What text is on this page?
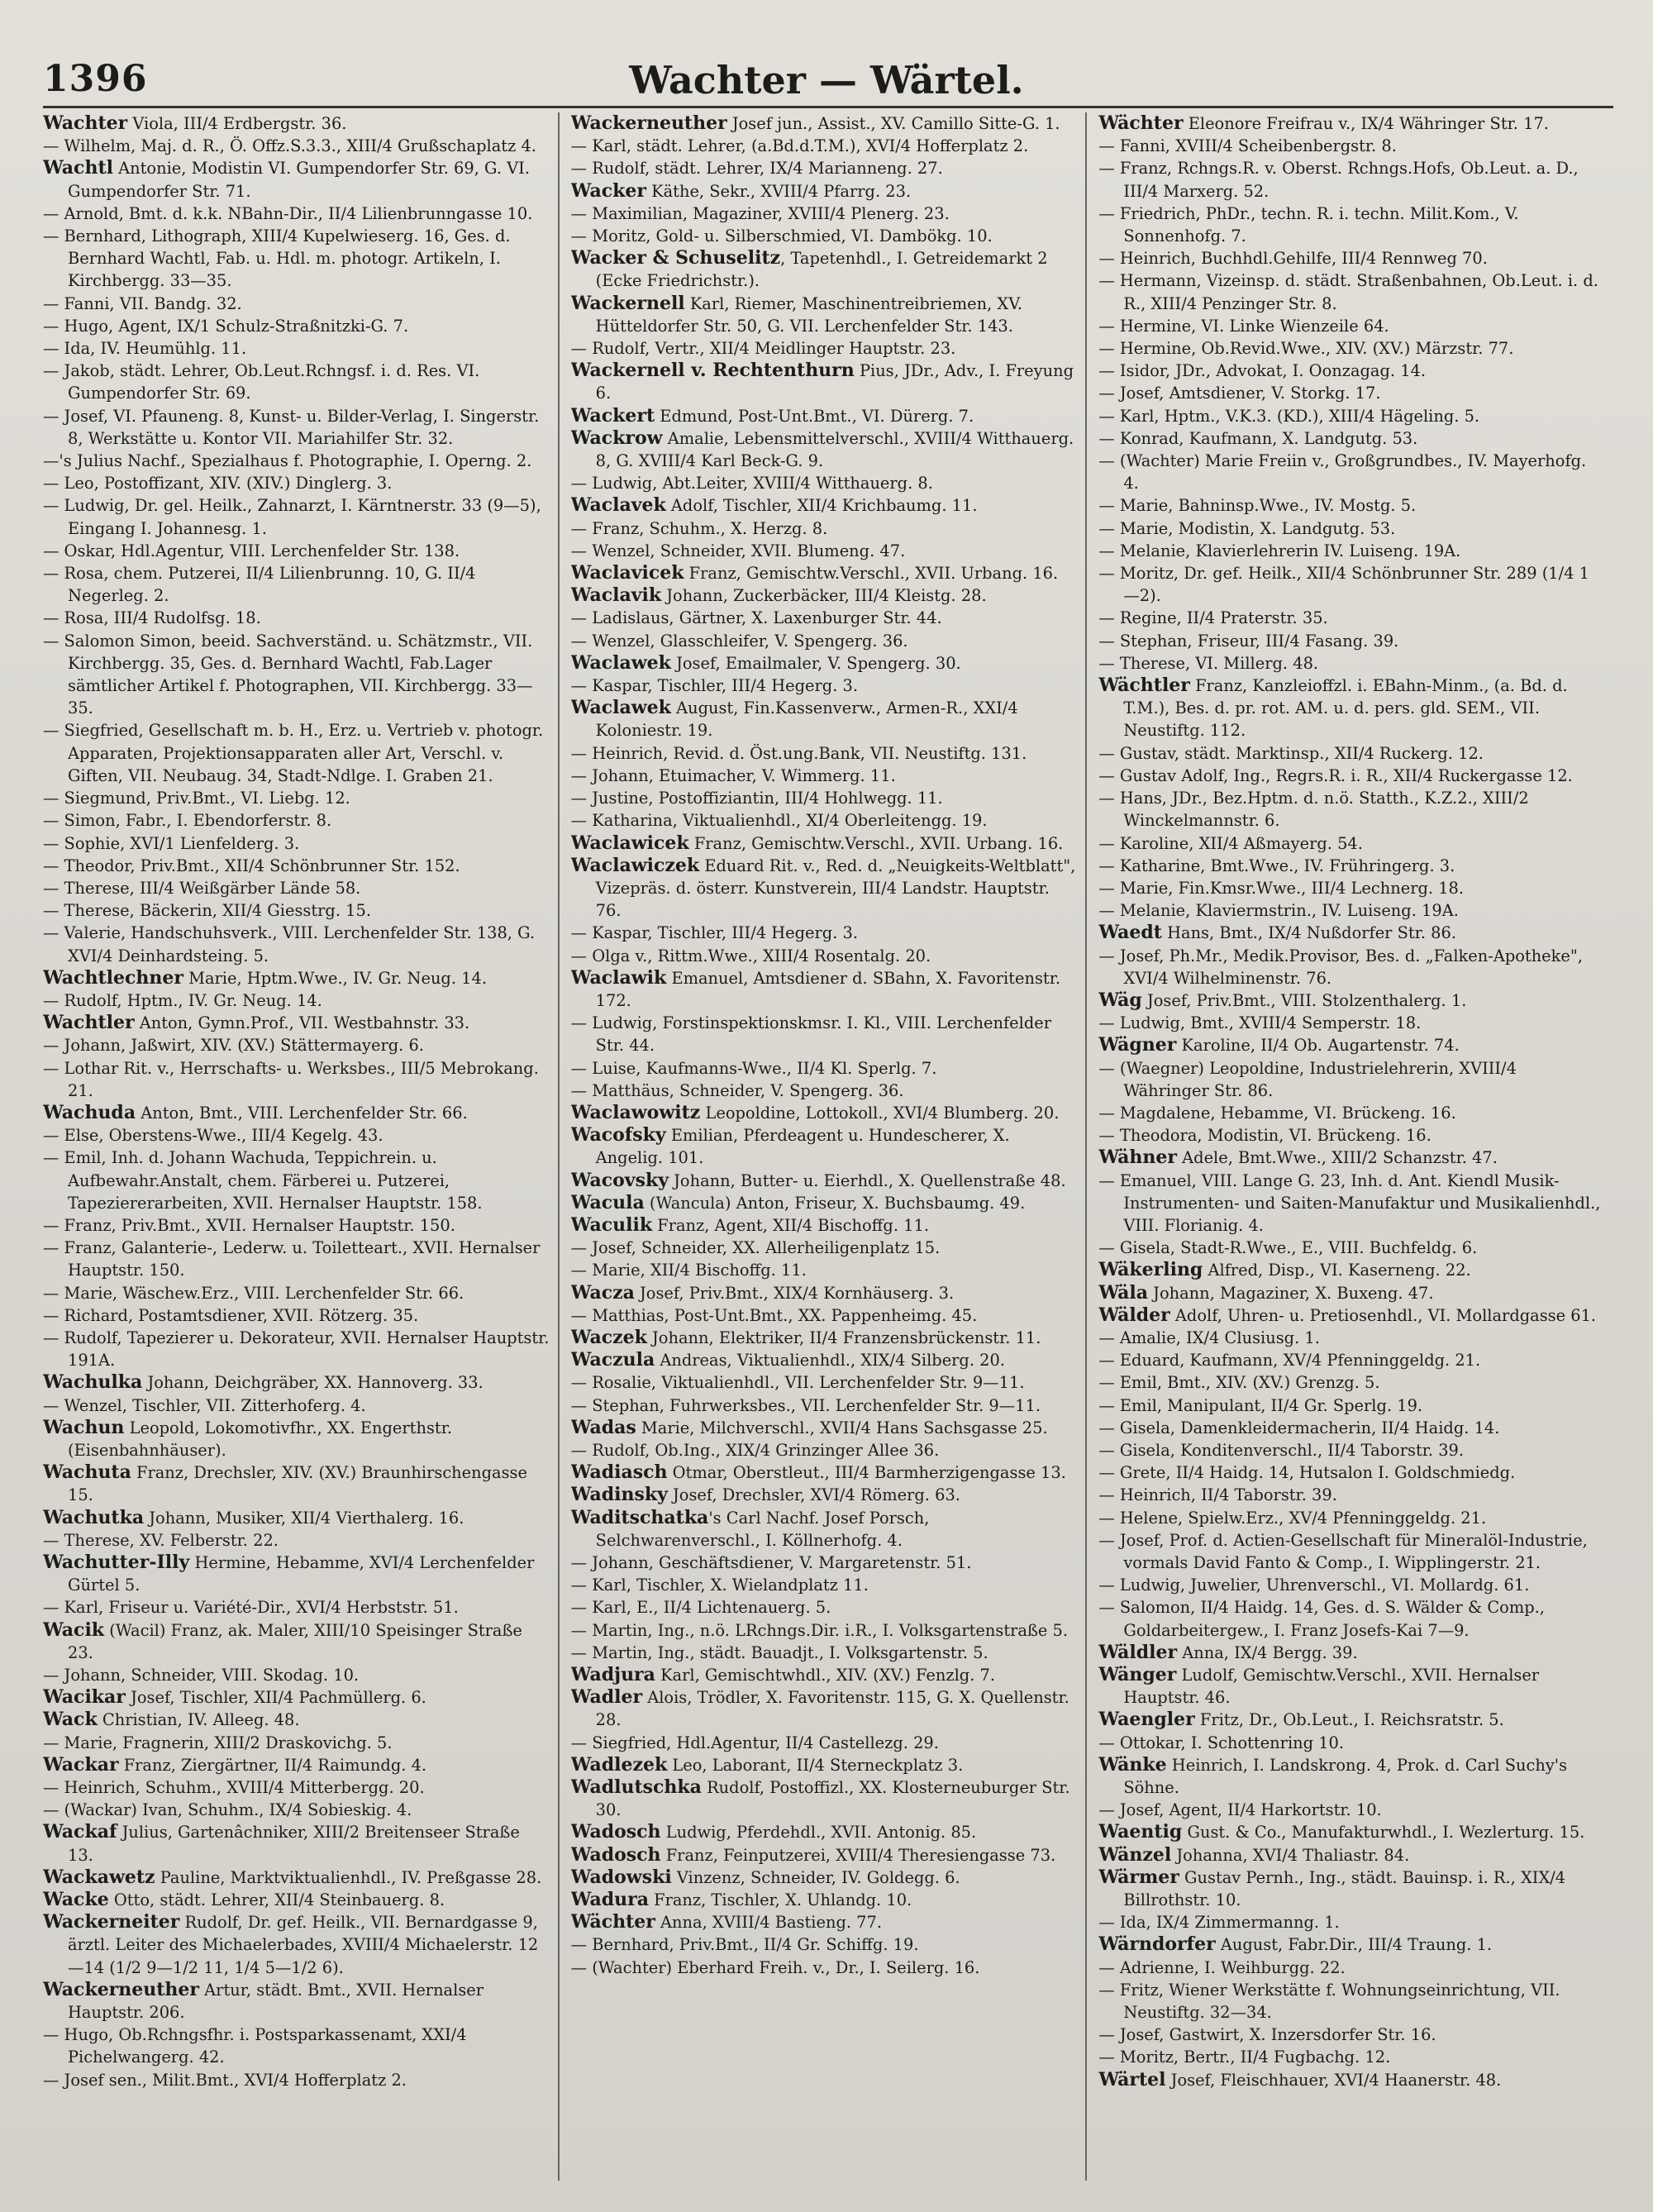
1396	Wachter — Wärtel.
Wachter Viola, III/4 Erdbergstr. 36.
— Wilhelm, Maj. d. R., Ö. Offz.S.3.3., XIII/4 Grußschaplatz 4.
Wachtl Antonie, Modistin VI. Gumpendorfer Str. 69, G. VI. Gumpendorfer Str. 71.
— Arnold, Bmt. d. k.k. NBahn-Dir., II/4 Lilienbrunngasse 10.
— Bernhard, Lithograph, XIII/4 Kupelwieserg. 16, Ges. d. Bernhard Wachtl, Fab. u. Hdl. m. photogr. Artikeln, I. Kirchbergg. 33—35.
— Fanni, VII. Bandg. 32.
— Hugo, Agent, IX/1 Schulz-Straßnitzki-G. 7.
— Ida, IV. Heumühlg. 11.
— Jakob, städt. Lehrer, Ob.Leut.Rchngsf. i. d. Res. VI. Gumpendorfer Str. 69.
— Josef, VI. Pfauneng. 8, Kunst- u. Bilder-Verlag, I. Singerstr. 8, Werkstätte u. Kontor VII. Mariahilfer Str. 32.
—'s Julius Nachf., Spezialhaus f. Photographie, I. Operng. 2.
— Leo, Postoffizant, XIV. (XIV.) Dinglerg. 3.
— Ludwig, Dr. gel. Heilk., Zahnarzt, I. Kärntnerstr. 33 (9—5), Eingang I. Johannesg. 1.
— Oskar, Hdl.Agentur, VIII. Lerchenfelder Str. 138.
— Rosa, chem. Putzerei, II/4 Lilienbrunng. 10, G. II/4 Negerleg. 2.
— Rosa, III/4 Rudolfsg. 18.
— Salomon Simon, beeid. Sachverständ. u. Schätzmstr., VII. Kirchbergg. 35, Ges. d. Bernhard Wachtl, Fab.Lager sämtlicher Artikel f. Photographen, VII. Kirchbergg. 33—35.
— Siegfried, Gesellschaft m. b. H., Erz. u. Vertrieb v. photogr. Apparaten, Projektionsapparaten aller Art, Verschl. v. Giften, VII. Neubaug. 34, Stadt-Ndlge. I. Graben 21.
— Siegmund, Priv.Bmt., VI. Liebg. 12.
— Simon, Fabr., I. Ebendorferstr. 8.
— Sophie, XVI/1 Lienfelderg. 3.
— Theodor, Priv.Bmt., XII/4 Schönbrunner Str. 152.
— Therese, III/4 Weißgärber Lände 58.
— Therese, Bäckerin, XII/4 Giesstrg. 15.
— Valerie, Handschuhsverk., VIII. Lerchenfelder Str. 138, G. XVI/4 Deinhardsteing. 5.
Wachtlechner Marie, Hptm.Wwe., IV. Gr. Neug. 14.
— Rudolf, Hptm., IV. Gr. Neug. 14.
Wachtler Anton, Gymn.Prof., VII. Westbahnstr. 33.
— Johann, Jaßwirt, XIV. (XV.) Stättermayerg. 6.
— Lothar Rit. v., Herrschafts- u. Werksbes., III/5 Mebrokang. 21.
Wachuda Anton, Bmt., VIII. Lerchenfelder Str. 66.
— Else, Oberstens-Wwe., III/4 Kegelg. 43.
— Emil, Inh. d. Johann Wachuda, Teppichrein. u. Aufbewahr.Anstalt, chem. Färberei u. Putzerei, Tapeziererarbeiten, XVII. Hernalser Hauptstr. 158.
— Franz, Priv.Bmt., XVII. Hernalser Hauptstr. 150.
— Franz, Galanterie-, Lederw. u. Toiletteart., XVII. Hernalser Hauptstr. 150.
— Marie, Wäschew.Erz., VIII. Lerchenfelder Str. 66.
— Richard, Postamtsdiener, XVII. Rötzerg. 35.
— Rudolf, Tapezierer u. Dekorateur, XVII. Hernalser Hauptstr. 191A.
Wachulka Johann, Deichgräber, XX. Hannoverg. 33.
— Wenzel, Tischler, VII. Zitterhoferg. 4.
Wachun Leopold, Lokomotivfhr., XX. Engerthstr. (Eisenbahnhäuser).
Wachuta Franz, Drechsler, XIV. (XV.) Braunhirschengasse 15.
Wachutka Johann, Musiker, XII/4 Vierthalerg. 16.
— Therese, XV. Felberstr. 22.
Wachutter-Illy Hermine, Hebamme, XVI/4 Lerchenfelder Gürtel 5.
— Karl, Friseur u. Variété-Dir., XVI/4 Herbststr. 51.
Wacik (Wacil) Franz, ak. Maler, XIII/10 Speisinger Straße 23.
— Johann, Schneider, VIII. Skodag. 10.
Wacikar Josef, Tischler, XII/4 Pachmüllerg. 6.
Wack Christian, IV. Alleeg. 48.
— Marie, Fragnerin, XIII/2 Draskovichg. 5.
Wackar Franz, Ziergärtner, II/4 Raimundg. 4.
— Heinrich, Schuhm., XVIII/4 Mitterbergg. 20.
— (Wackar) Ivan, Schuhm., IX/4 Sobieskig. 4.
Wackaf Julius, Gartenâchniker, XIII/2 Breitenseer Straße 13.
Wackawetz Pauline, Marktviktualienhdl., IV. Preßgasse 28.
Wacke Otto, städt. Lehrer, XII/4 Steinbauerg. 8.
Wackerneiter Rudolf, Dr. gef. Heilk., VII. Bernardgasse 9, ärztl. Leiter des Michaelerbades, XVIII/4 Michaelerstr. 12—14 (1/2 9—1/2 11, 1/4 5—1/2 6).
Wackerneuther Artur, städt. Bmt., XVII. Hernalser Hauptstr. 206.
— Hugo, Ob.Rchngsfhr. i. Postsparkassenamt, XXI/4 Pichelwangerg. 42.
— Josef sen., Milit.Bmt., XVI/4 Hofferplatz 2.
Wackerneuther Josef jun., Assist., XV. Camillo Sitte-G. 1.
— Karl, städt. Lehrer, (a.Bd.d.T.M.), XVI/4 Hofferplatz 2.
— Rudolf, städt. Lehrer, IX/4 Marianneng. 27.
Wacker Käthe, Sekr., XVIII/4 Pfarrg. 23.
— Maximilian, Magaziner, XVIII/4 Plenerg. 23.
— Moritz, Gold- u. Silberschmied, VI. Dambökg. 10.
Wacker & Schuselitz, Tapetenhdl., I. Getreidemarkt 2 (Ecke Friedrichstr.).
Wackernell Karl, Riemer, Maschinentreibriemen, XV. Hütteldorfer Str. 50, G. VII. Lerchenfelder Str. 143.
— Rudolf, Vertr., XII/4 Meidlinger Hauptstr. 23.
Wackernell v. Rechtenthurn Pius, JDr., Adv., I. Freyung 6.
Wackert Edmund, Post-Unt.Bmt., VI. Dürerg. 7.
Wackrow Amalie, Lebensmittelverschl., XVIII/4 Witthauerg. 8, G. XVIII/4 Karl Beck-G. 9.
— Ludwig, Abt.Leiter, XVIII/4 Witthauerg. 8.
Waclavek Adolf, Tischler, XII/4 Krichbaumg. 11.
— Franz, Schuhm., X. Herzg. 8.
— Wenzel, Schneider, XVII. Blumeng. 47.
Waclavicek Franz, Gemischtw.Verschl., XVII. Urbang. 16.
Waclavik Johann, Zuckerbäcker, III/4 Kleistg. 28.
— Ladislaus, Gärtner, X. Laxenburger Str. 44.
— Wenzel, Glasschleifer, V. Spengerg. 36.
Waclawek Josef, Emailmaler, V. Spengerg. 30.
— Kaspar, Tischler, III/4 Hegerg. 3.
Waclawek August, Fin.Kassenverw., Armen-R., XXI/4 Koloniestr. 19.
— Heinrich, Revid. d. Öst.ung.Bank, VII. Neustiftg. 131.
— Johann, Etuimacher, V. Wimmerg. 11.
— Justine, Postoffiziantin, III/4 Hohlwegg. 11.
— Katharina, Viktualienhdl., XI/4 Oberleitengg. 19.
Waclawicek Franz, Gemischtw.Verschl., XVII. Urbang. 16.
Waclawiczek Eduard Rit. v., Red. d. „Neuigkeits-Weltblatt", Vizepräs. d. österr. Kunstverein, III/4 Landstr. Hauptstr. 76.
— Kaspar, Tischler, III/4 Hegerg. 3.
— Olga v., Rittm.Wwe., XIII/4 Rosentalg. 20.
Waclawik Emanuel, Amtsdiener d. SBahn, X. Favoritenstr. 172.
— Ludwig, Forstinspektionskmsr. I. Kl., VIII. Lerchenfelder Str. 44.
— Luise, Kaufmanns-Wwe., II/4 Kl. Sperlg. 7.
— Matthäus, Schneider, V. Spengerg. 36.
Waclawowitz Leopoldine, Lottokoll., XVI/4 Blumberg. 20.
Wacofsky Emilian, Pferdeagent u. Hundescherer, X. Angelig. 101.
Wacovsky Johann, Butter- u. Eierhdl., X. Quellenstraße 48.
Wacula (Wancula) Anton, Friseur, X. Buchsbaumg. 49.
Waculik Franz, Agent, XII/4 Bischoffg. 11.
— Josef, Schneider, XX. Allerheiligenplatz 15.
— Marie, XII/4 Bischoffg. 11.
Wacza Josef, Priv.Bmt., XIX/4 Kornhäuserg. 3.
— Matthias, Post-Unt.Bmt., XX. Pappenheimg. 45.
Waczek Johann, Elektriker, II/4 Franzensbrückenstr. 11.
Waczula Andreas, Viktualienhdl., XIX/4 Silberg. 20.
— Rosalie, Viktualienhdl., VII. Lerchenfelder Str. 9—11.
— Stephan, Fuhrwerksbes., VII. Lerchenfelder Str. 9—11.
Wadas Marie, Milchverschl., XVII/4 Hans Sachsgasse 25.
— Rudolf, Ob.Ing., XIX/4 Grinzinger Allee 36.
Wadiasch Otmar, Oberstleut., III/4 Barmherzigengasse 13.
Wadinsky Josef, Drechsler, XVI/4 Römerg. 63.
Waditschatka's Carl Nachf. Josef Porsch, Selchwarenverschl., I. Köllnerhofg. 4.
— Johann, Geschäftsdiener, V. Margaretenstr. 51.
— Karl, Tischler, X. Wielandplatz 11.
— Karl, E., II/4 Lichtenauerg. 5.
— Martin, Ing., n.ö. LRchngs.Dir. i.R., I. Volksgartenstraße 5.
— Martin, Ing., städt. Bauadjt., I. Volksgartenstr. 5.
Wadjura Karl, Gemischtwhdl., XIV. (XV.) Fenzlg. 7.
Wadler Alois, Trödler, X. Favoritenstr. 115, G. X. Quellenstr. 28.
— Siegfried, Hdl.Agentur, II/4 Castellezg. 29.
Wadlezek Leo, Laborant, II/4 Sterneckplatz 3.
Wadlutschka Rudolf, Postoffizl., XX. Klosterneuburger Str. 30.
Wadosch Ludwig, Pferdehdl., XVII. Antonig. 85.
Wadosch Franz, Feinputzerei, XVIII/4 Theresiengasse 73.
Wadowski Vinzenz, Schneider, IV. Goldegg. 6.
Wadura Franz, Tischler, X. Uhlandg. 10.
Wächter Anna, XVIII/4 Bastieng. 77.
— Bernhard, Priv.Bmt., II/4 Gr. Schiffg. 19.
— (Wachter) Eberhard Freih. v., Dr., I. Seilerg. 16.
Wächter Eleonore Freifrau v., IX/4 Währinger Str. 17.
— Fanni, XVIII/4 Scheibenbergstr. 8.
— Franz, Rchngs.R. v. Oberst. Rchngs.Hofs, Ob.Leut. a. D., III/4 Marxerg. 52.
— Friedrich, PhDr., techn. R. i. techn. Milit.Kom., V. Sonnenhofg. 7.
— Heinrich, Buchhdl.Gehilfe, III/4 Rennweg 70.
— Hermann, Vizeinsp. d. städt. Straßenbahnen, Ob.Leut. i. d. R., XIII/4 Penzinger Str. 8.
— Hermine, VI. Linke Wienzeile 64.
— Hermine, Ob.Revid.Wwe., XIV. (XV.) Märzstr. 77.
— Isidor, JDr., Advokat, I. Oonzagag. 14.
— Josef, Amtsdiener, V. Storkg. 17.
— Karl, Hptm., V.K.3. (KD.), XIII/4 Hägeling. 5.
— Konrad, Kaufmann, X. Landgutg. 53.
— (Wachter) Marie Freiin v., Großgrundbes., IV. Mayerhofg. 4.
— Marie, Bahninsp.Wwe., IV. Mostg. 5.
— Marie, Modistin, X. Landgutg. 53.
— Melanie, Klavierlehrerin IV. Luiseng. 19A.
— Moritz, Dr. gef. Heilk., XII/4 Schönbrunner Str. 289 (1/4 1—2).
— Regine, II/4 Praterstr. 35.
— Stephan, Friseur, III/4 Fasang. 39.
— Therese, VI. Millerg. 48.
Wächtler Franz, Kanzleioffzl. i. EBahn-Minm., (a. Bd. d. T.M.), Bes. d. pr. rot. AM. u. d. pers. gld. SEM., VII. Neustiftg. 112.
— Gustav, städt. Marktinsp., XII/4 Ruckerg. 12.
— Gustav Adolf, Ing., Regrs.R. i. R., XII/4 Ruckergasse 12.
— Hans, JDr., Bez.Hptm. d. n.ö. Statth., K.Z.2., XIII/2 Winckelmannstr. 6.
— Karoline, XII/4 Aßmayerg. 54.
— Katharine, Bmt.Wwe., IV. Frühringerg. 3.
— Marie, Fin.Kmsr.Wwe., III/4 Lechnerg. 18.
— Melanie, Klaviermstrin., IV. Luiseng. 19A.
Waedt Hans, Bmt., IX/4 Nußdorfer Str. 86.
— Josef, Ph.Mr., Medik.Provisor, Bes. d. „Falken-Apotheke", XVI/4 Wilhelminenstr. 76.
Wäg Josef, Priv.Bmt., VIII. Stolzenthalerg. 1.
— Ludwig, Bmt., XVIII/4 Semperstr. 18.
Wägner Karoline, II/4 Ob. Augartenstr. 74.
— (Waegner) Leopoldine, Industrielehrerin, XVIII/4 Währinger Str. 86.
— Magdalene, Hebamme, VI. Brückeng. 16.
— Theodora, Modistin, VI. Brückeng. 16.
Wähner Adele, Bmt.Wwe., XIII/2 Schanzstr. 47.
— Emanuel, VIII. Lange G. 23, Inh. d. Ant. Kiendl Musik-Instrumenten- und Saiten-Manufaktur und Musikalienhdl., VIII. Florianig. 4.
— Gisela, Stadt-R.Wwe., E., VIII. Buchfeldg. 6.
Wäkerling Alfred, Disp., VI. Kaserneng. 22.
Wäla Johann, Magaziner, X. Buxeng. 47.
Wälder Adolf, Uhren- u. Pretiosenhdl., VI. Mollardgasse 61.
— Amalie, IX/4 Clusiusg. 1.
— Eduard, Kaufmann, XV/4 Pfenninggeldg. 21.
— Emil, Bmt., XIV. (XV.) Grenzg. 5.
— Emil, Manipulant, II/4 Gr. Sperlg. 19.
— Gisela, Damenkleidermacherin, II/4 Haidg. 14.
— Gisela, Konditenverschl., II/4 Taborstr. 39.
— Grete, II/4 Haidg. 14, Hutsalon I. Goldschmiedg.
— Heinrich, II/4 Taborstr. 39.
— Helene, Spielw.Erz., XV/4 Pfenninggeldg. 21.
— Josef, Prof. d. Actien-Gesellschaft für Mineralöl-Industrie, vormals David Fanto & Comp., I. Wipplingerstr. 21.
— Ludwig, Juwelier, Uhrenverschl., VI. Mollardg. 61.
— Salomon, II/4 Haidg. 14, Ges. d. S. Wälder & Comp., Goldarbeitergew., I. Franz Josefs-Kai 7—9.
Wäldler Anna, IX/4 Bergg. 39.
Wänger Ludolf, Gemischtw.Verschl., XVII. Hernalser Hauptstr. 46.
Waengler Fritz, Dr., Ob.Leut., I. Reichsratstr. 5.
— Ottokar, I. Schottenring 10.
Wänke Heinrich, I. Landskrong. 4, Prok. d. Carl Suchy's Söhne.
— Josef, Agent, II/4 Harkortstr. 10.
Waentig Gust. & Co., Manufakturwhdl., I. Wezlerturg. 15.
Wänzel Johanna, XVI/4 Thaliastr. 84.
Wärmer Gustav Pernh., Ing., städt. Bauinsp. i. R., XIX/4 Billrothstr. 10.
— Ida, IX/4 Zimmermanng. 1.
Wärndorfer August, Fabr.Dir., III/4 Traung. 1.
— Adrienne, I. Weihburgg. 22.
— Fritz, Wiener Werkstätte f. Wohnungseinrichtung, VII. Neustiftg. 32—34.
— Josef, Gastwirt, X. Inzersdorfer Str. 16.
— Moritz, Bertr., II/4 Fugbachg. 12.
Wärtel Josef, Fleischhauer, XVI/4 Haanerstr. 48.
